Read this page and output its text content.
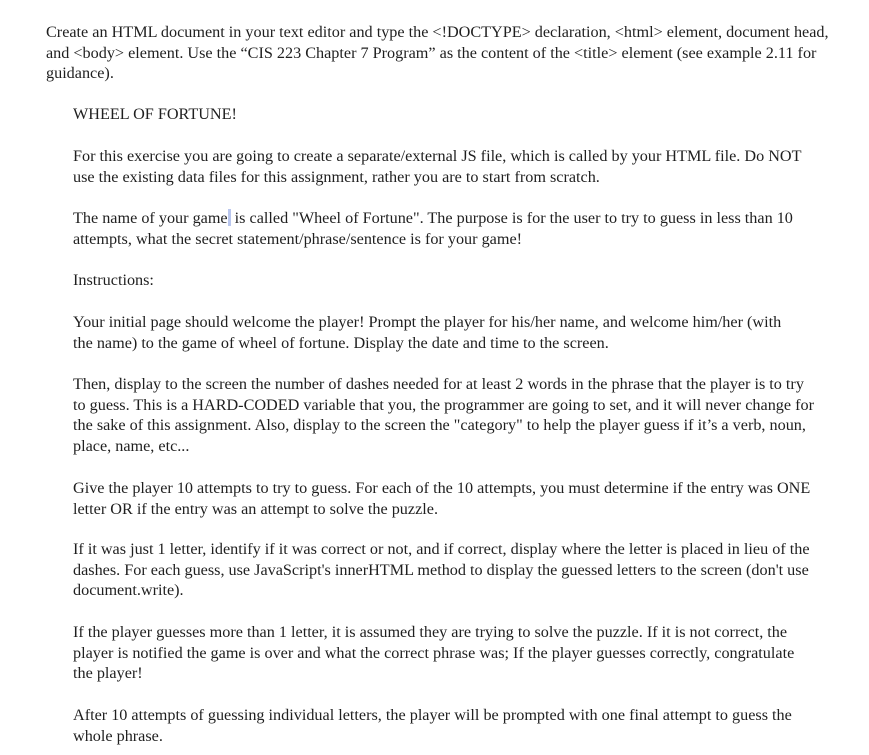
Create an HTML document in your text editor and type the <!DOCTYPE> declaration, <html> element, document head, and <body> element. Use the “CIS 223 Chapter 7 Program” as the content of the <title> element (see example 2.11 for guidance).

WHEEL OF FORTUNE!

For this exercise you are going to create a separate/external JS file, which is called by your HTML file. Do NOT use the existing data files for this assignment, rather you are to start from scratch.

The name of your game is called "Wheel of Fortune". The purpose is for the user to try to guess in less than 10 attempts, what the secret statement/phrase/sentence is for your game!

Instructions:

Your initial page should welcome the player! Prompt the player for his/her name, and welcome him/her (with the name) to the game of wheel of fortune. Display the date and time to the screen.

Then, display to the screen the number of dashes needed for at least 2 words in the phrase that the player is to try to guess. This is a HARD-CODED variable that you, the programmer are going to set, and it will never change for the sake of this assignment. Also, display to the screen the "category" to help the player guess if it’s a verb, noun, place, name, etc...

Give the player 10 attempts to try to guess. For each of the 10 attempts, you must determine if the entry was ONE letter OR if the entry was an attempt to solve the puzzle.

If it was just 1 letter, identify if it was correct or not, and if correct, display where the letter is placed in lieu of the dashes. For each guess, use JavaScript's innerHTML method to display the guessed letters to the screen (don't use document.write).

If the player guesses more than 1 letter, it is assumed they are trying to solve the puzzle. If it is not correct, the player is notified the game is over and what the correct phrase was; If the player guesses correctly, congratulate the player!

After 10 attempts of guessing individual letters, the player will be prompted with one final attempt to guess the whole phrase.
